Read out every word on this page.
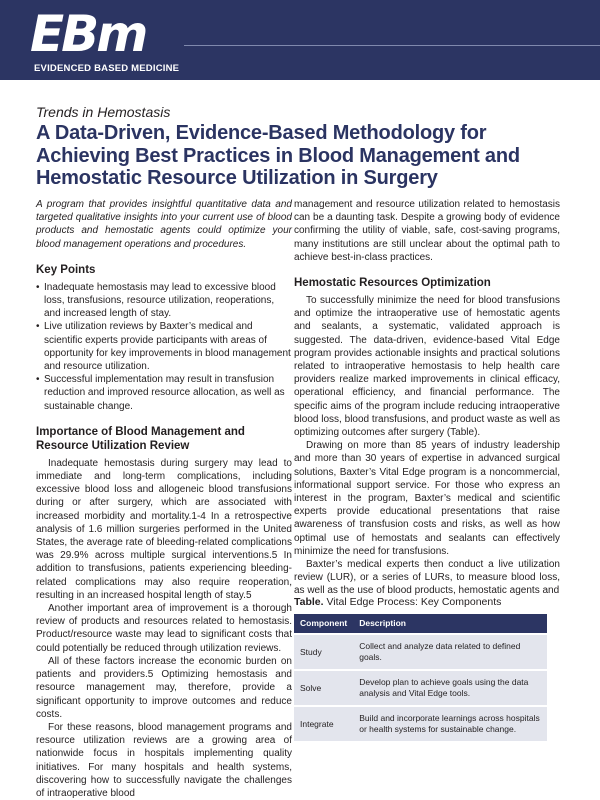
EBm
EVIDENCED BASED MEDICINE
Trends in Hemostasis
A Data-Driven, Evidence-Based Methodology for Achieving Best Practices in Blood Management and Hemostatic Resource Utilization in Surgery

A program that provides insightful quantitative data and targeted qualitative insights into your current use of blood products and hemostatic agents could optimize your blood management operations and procedures.

Key Points
• Inadequate hemostasis may lead to excessive blood loss, transfusions, resource utilization, reoperations, and increased length of stay.
• Live utilization reviews by Baxter’s medical and scientific experts provide participants with areas of opportunity for key improvements in blood management and resource utilization.
• Successful implementation may result in transfusion reduction and improved resource allocation, as well as sustainable change.
Importance of Blood Management and Resource Utilization Review

Inadequate hemostasis during surgery may lead to immediate and long-term complications, including excessive blood loss and allogeneic blood transfusions during or after surgery, which are associated with increased morbidity and mortality.1-4 In a retrospective analysis of 1.6 million surgeries performed in the United States, the average rate of bleeding-related complications was 29.9% across multiple surgical interventions.5 In addition to transfusions, patients experiencing bleeding-related complications may also require reoperation, resulting in an increased hospital length of stay.5

Another important area of improvement is a thorough review of products and resources related to hemostasis. Product/resource waste may lead to significant costs that could potentially be reduced through utilization reviews.

All of these factors increase the economic burden on patients and providers.5 Optimizing hemostasis and resource management may, therefore, provide a significant opportunity to improve outcomes and reduce costs.

For these reasons, blood management programs and resource utilization reviews are a growing area of nationwide focus in hospitals implementing quality initiatives. For many hospitals and health systems, discovering how to successfully navigate the challenges of intraoperative blood

management and resource utilization related to hemostasis can be a daunting task. Despite a growing body of evidence confirming the utility of viable, safe, cost-saving programs, many institutions are still unclear about the optimal path to achieve best-in-class practices.

Hemostatic Resources Optimization

To successfully minimize the need for blood transfusions and optimize the intraoperative use of hemostatic agents and sealants, a systematic, validated approach is suggested. The data-driven, evidence-based Vital Edge program provides actionable insights and practical solutions related to intraoperative hemostasis to help health care providers realize marked improvements in clinical efficacy, operational efficiency, and financial performance. The specific aims of the program include reducing intraoperative blood loss, blood transfusions, and product waste as well as optimizing outcomes after surgery (Table).

Drawing on more than 85 years of industry leadership and more than 30 years of expertise in advanced surgical solutions, Baxter’s Vital Edge program is a noncommercial, informational support service. For those who express an interest in the program, Baxter’s medical and scientific experts provide educational presentations that raise awareness of transfusion costs and risks, as well as how optimal use of hemostats and sealants can effectively minimize the need for transfusions.

Baxter’s medical experts then conduct a live utilization review (LUR), or a series of LURs, to measure blood loss, as well as the use of blood products, hemostatic agents and

Table. Vital Edge Process: Key Components
Component	Description
Study	Collect and analyze data related to defined goals.
Solve	Develop plan to achieve goals using the data analysis and Vital Edge tools.
Integrate	Build and incorporate learnings across hospitals or health systems for sustainable change.
